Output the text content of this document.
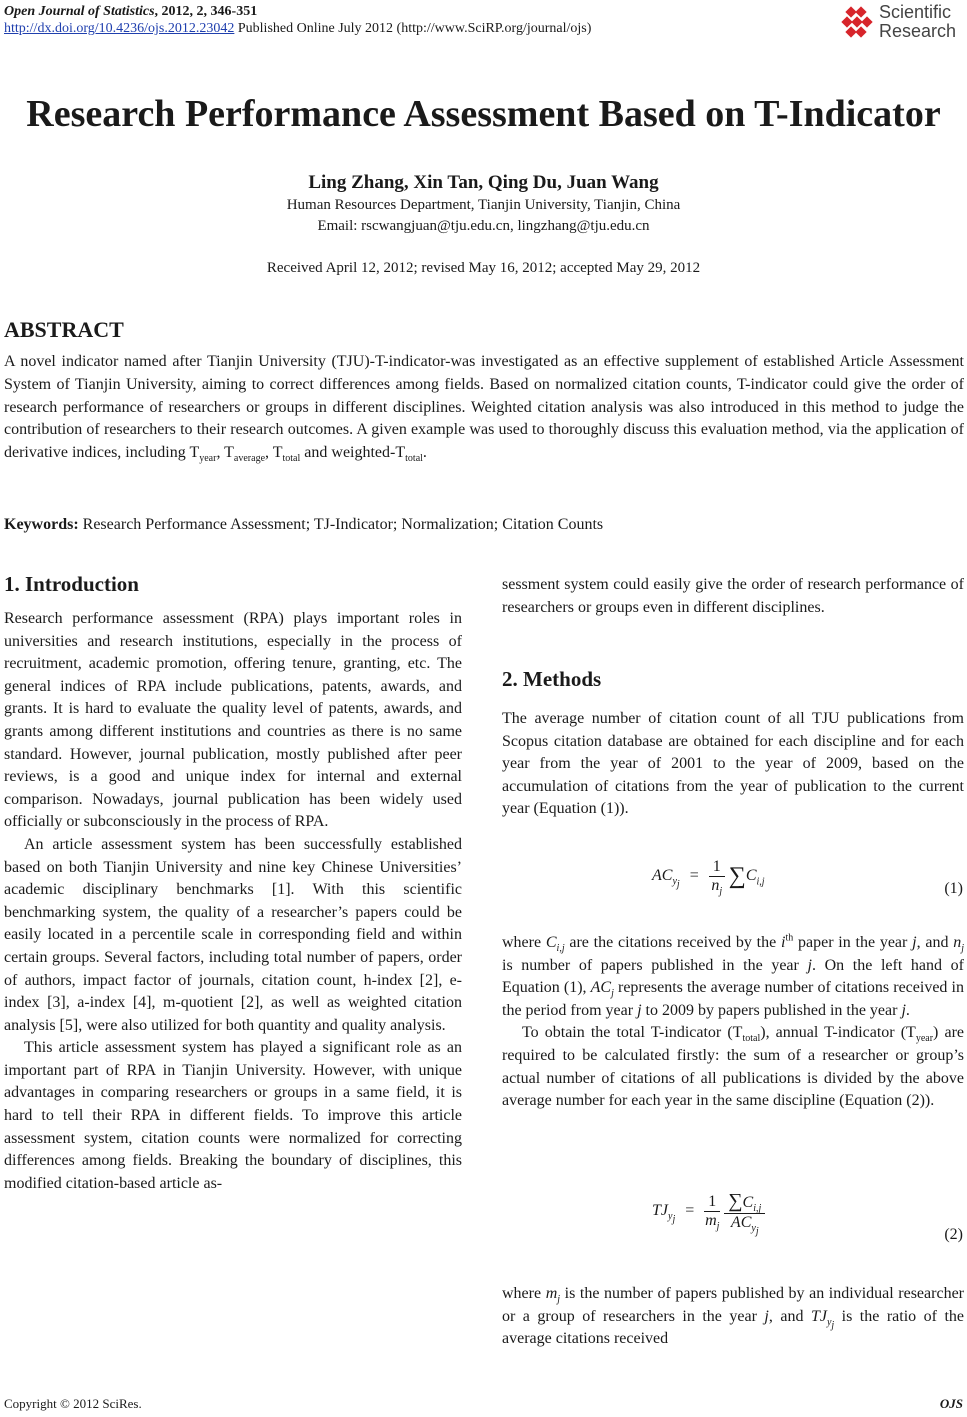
Open Journal of Statistics, 2012, 2, 346-351
http://dx.doi.org/10.4236/ojs.2012.23042 Published Online July 2012 (http://www.SciRP.org/journal/ojs)
Scientific
Research
Research Performance Assessment Based on T-Indicator
Ling Zhang, Xin Tan, Qing Du, Juan Wang
Human Resources Department, Tianjin University, Tianjin, China
Email: rscwangjuan@tju.edu.cn, lingzhang@tju.edu.cn
Received April 12, 2012; revised May 16, 2012; accepted May 29, 2012
ABSTRACT
A novel indicator named after Tianjin University (TJU)-T-indicator-was investigated as an effective supplement of established Article Assessment System of Tianjin University, aiming to correct differences among fields. Based on normalized citation counts, T-indicator could give the order of research performance of researchers or groups in different disciplines. Weighted citation analysis was also introduced in this method to judge the contribution of researchers to their research outcomes. A given example was used to thoroughly discuss this evaluation method, via the application of derivative indices, including $T_{year}$, $T_{average}$, $T_{total}$ and weighted-$T_{total}$.
Keywords: Research Performance Assessment; TJ-Indicator; Normalization; Citation Counts
1. Introduction

Research performance assessment (RPA) plays important roles in universities and research institutions, especially in the process of recruitment, academic promotion, offering tenure, granting, etc. The general indices of RPA include publications, patents, awards, and grants. It is hard to evaluate the quality level of patents, awards, and grants among different institutions and countries as there is no same standard. However, journal publication, mostly published after peer reviews, is a good and unique index for internal and external comparison. Nowadays, journal publication has been widely used officially or subconsciously in the process of RPA.

An article assessment system has been successfully established based on both Tianjin University and nine key Chinese Universities’ academic disciplinary benchmarks [1]. With this scientific benchmarking system, the quality of a researcher’s papers could be easily located in a percentile scale in corresponding field and within certain groups. Several factors, including total number of papers, order of authors, impact factor of journals, citation count, h-index [2], e-index [3], a-index [4], m-quotient [2], as well as weighted citation analysis [5], were also utilized for both quantity and quality analysis.

This article assessment system has played a significant role as an important part of RPA in Tianjin University. However, with unique advantages in comparing researchers or groups in a same field, it is hard to tell their RPA in different fields. To improve this article assessment system, citation counts were normalized for correcting differences among fields. Breaking the boundary of disciplines, this modified citation-based article as-

sessment system could easily give the order of research performance of researchers or groups even in different disciplines.
2. Methods
The average number of citation count of all TJU publications from Scopus citation database are obtained for each discipline and for each year from the year of 2001 to the year of 2009, based on the accumulation of citations from the year of publication to the current year (Equation (1)).
$AC_{y_j} = \frac{1}{n_j} \sum C_{i,j}$	(1)

where $C_{i,j}$ are the citations received by the $i^{th}$ paper in the year j, and $n_j$ is number of papers published in the year j. On the left hand of Equation (1), $AC_j$ represents the average number of citations received in the period from year j to 2009 by papers published in the year j.

To obtain the total T-indicator $(T_{total})$, annual T-indicator $(T_{year})$ are required to be calculated firstly: the sum of a researcher or group’s actual number of citations of all publications is divided by the above average number for each year in the same discipline (Equation (2)).

$TJ_{y_j} = \frac{1}{m_j}$
$\frac{\sum C_{i,j}}{AC_{y_j}}$
(2)

where $m_j$ is the number of papers published by an individual researcher or a group of researchers in the year j, and $TJ_{y_j}$ is the ratio of the average citations received

Copyright © 2012 SciRes.	OJS
